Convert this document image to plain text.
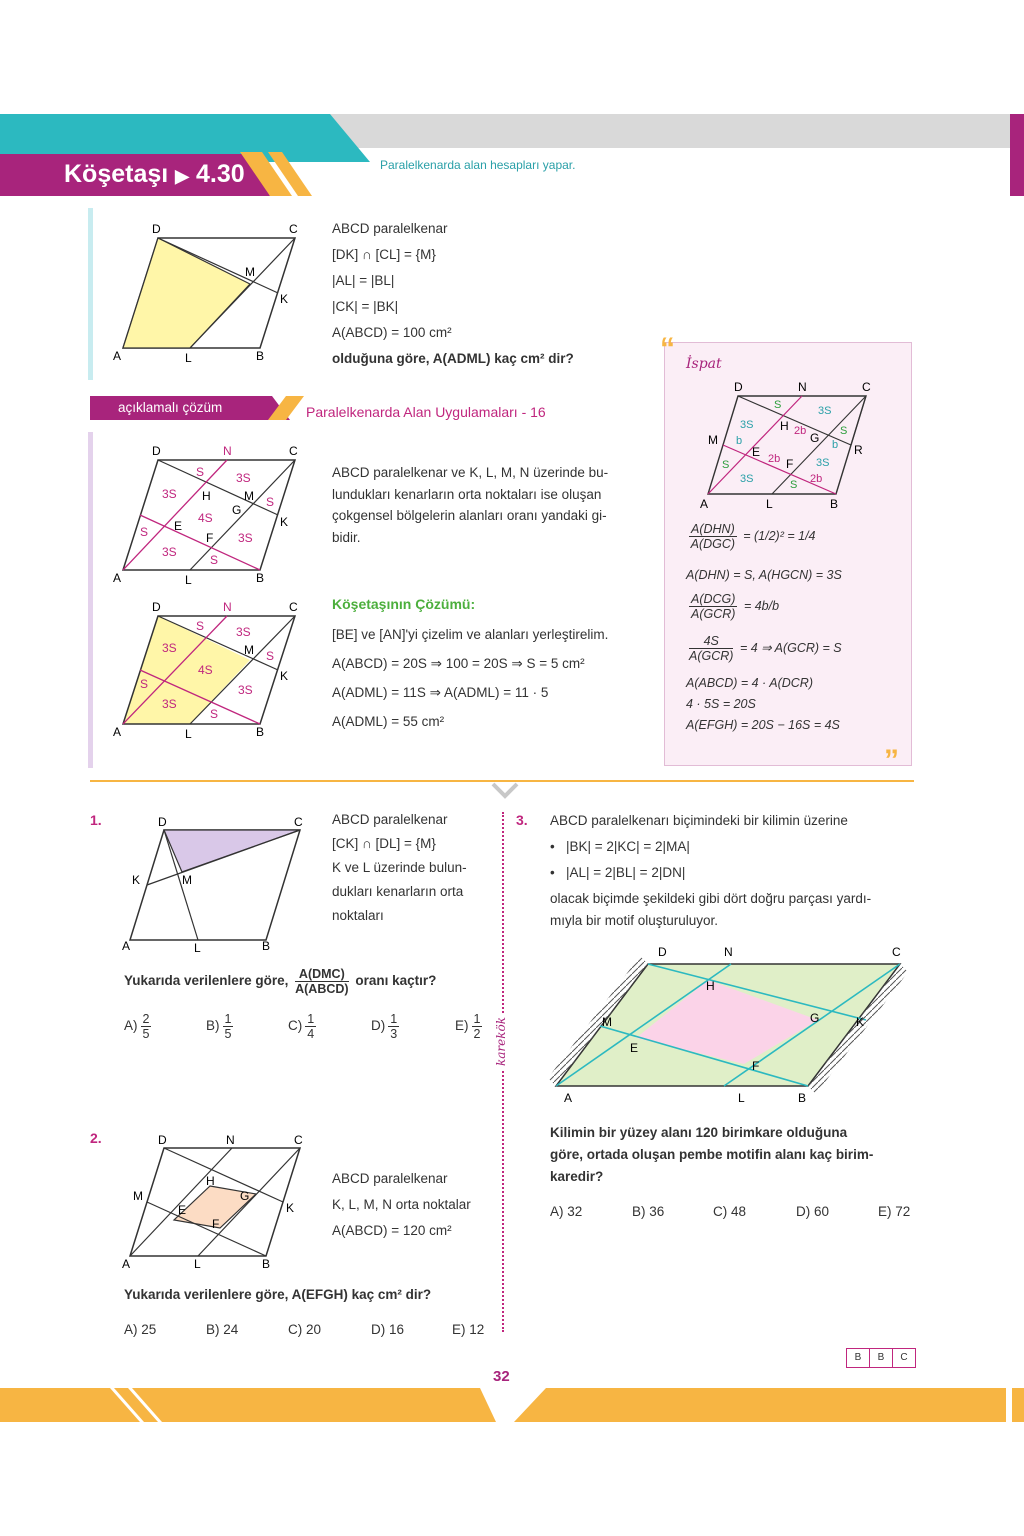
Köşetaşı ▶ 4.30	Paralelkenarda alan hesapları yapar.
D	C
A	L	B
M
K
ABCD paralelkenar
[DK] ∩ [CL] = {M}
|AL| = |BL|
|CK| = |BK|
A(ABCD) = 100 cm²
olduğuna göre, A(ADML) kaç cm² dir?
açıklamalı çözüm	Paralelkenarda Alan Uygulamaları - 16
D	N	C
A	L	B
M
K
H
G
E
F
S	3S
3S
4S
S
S	3S
3S
S
ABCD paralelkenar ve K, L, M, N üzerinde bu-
lundukları kenarların orta noktaları ise oluşan
çokgensel bölgelerin alanları oranı yandaki gi-
bidir.
D	N	C
A	L	B
M
K
S	3S
3S
4S
S
S	3S
3S
S
Köşetaşının Çözümü:
[BE] ve [AN]'yi çizelim ve alanları yerleştirelim.
A(ABCD) = 20S ⇒ 100 = 20S ⇒ S = 5 cm²
A(ADML) = 11S ⇒ A(ADML) = 11 · 5
A(ADML) = 55 cm²
“
”
İspat
D	N	C
A	L	B
M
R
H
G
E
F
S	3S
3S
b
2b	S
b
S	2b	3S
2b
3S	S
$\frac{\text{A(DHN)}}{\text{A(DGC)}} = (1/2)^2 = 1/4$
A(DHN) = S, A(HGCN) = 3S
$\frac{\text{A(DCG)}}{\text{A(GCR)}} = 4b/b$
$\frac{4S}{\text{A(GCR)}} = 4$ ⇒ A(GCR) = S
A(ABCD) = 4 · A(DCR)
4 · 5S = 20S
A(EFGH) = 20S − 16S = 4S
karekök
1.	D	C
A	L	B
K	M
ABCD paralelkenar
[CK] ∩ [DL] = {M}
K ve L üzerinde bulun-
dukları kenarların orta
noktaları
Yukarıda verilenlere göre, $\frac{\text{A(DMC)}}{\text{A(ABCD)}}$ oranı kaçtır?
$A) \frac{2}{5}$	$B) \frac{1}{5}$	$C) \frac{1}{4}$	$D) \frac{1}{3}$	$E) \frac{1}{2}$
2.	D	N	C
A	L	B
M
K
H
G
E
F
ABCD paralelkenar
K, L, M, N orta noktalar
A(ABCD) = 120 cm²
Yukarıda verilenlere göre, A(EFGH) kaç cm² dir?
A) 25	B) 24	C) 20	D) 16	E) 12
3. ABCD paralelkenarı biçimindeki bir kilimin üzerine
•   |BK| = 2|KC| = 2|MA|
•   |AL| = 2|BL| = 2|DN|
olacak biçimde şekildeki gibi dört doğru parçası yardı-
mıyla bir motif oluşturuluyor.
D	N	C
A	L	B
M	K
H
G
E
F
Kilimin bir yüzey alanı 120 birimkare olduğuna
göre, ortada oluşan pembe motifin alanı kaç birim-
karedir?
A) 32	B) 36	C) 48	D) 60	E) 72
B	B	C
32
